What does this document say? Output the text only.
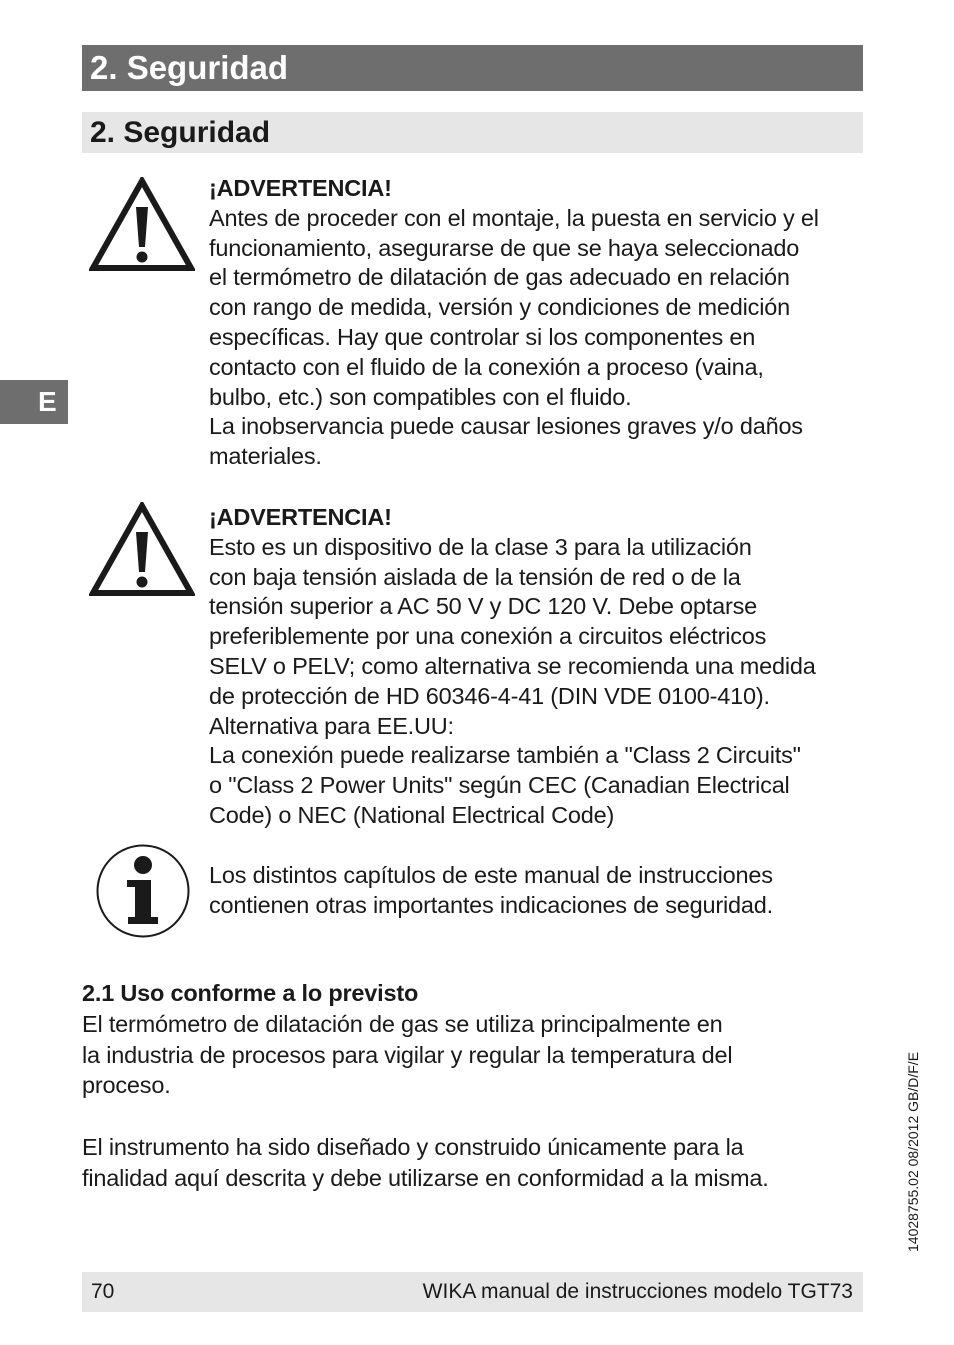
2. Seguridad
2. Seguridad
E
¡ADVERTENCIA!
Antes de proceder con el montaje, la puesta en servicio y el
funcionamiento, asegurarse de que se haya seleccionado
el termómetro de dilatación de gas adecuado en relación
con rango de medida, versión y condiciones de medición
específicas. Hay que controlar si los componentes en
contacto con el fluido de la conexión a proceso (vaina,
bulbo, etc.) son compatibles con el fluido.
La inobservancia puede causar lesiones graves y/o daños
materiales.
¡ADVERTENCIA!
Esto es un dispositivo de la clase 3 para la utilización
con baja tensión aislada de la tensión de red o de la
tensión superior a AC 50 V y DC 120 V. Debe optarse
preferiblemente por una conexión a circuitos eléctricos
SELV o PELV; como alternativa se recomienda una medida
de protección de HD 60346-4-41 (DIN VDE 0100-410).
Alternativa para EE.UU:
La conexión puede realizarse también a "Class 2 Circuits"
o "Class 2 Power Units" según CEC (Canadian Electrical
Code) o NEC (National Electrical Code)
Los distintos capítulos de este manual de instrucciones
contienen otras importantes indicaciones de seguridad.
2.1 Uso conforme a lo previsto
El termómetro de dilatación de gas se utiliza principalmente en
la industria de procesos para vigilar y regular la temperatura del
proceso.
El instrumento ha sido diseñado y construido únicamente para la
finalidad aquí descrita y debe utilizarse en conformidad a la misma.	14028755.02 08/2012 GB/D/F/E
70	WIKA manual de instrucciones modelo TGT73
